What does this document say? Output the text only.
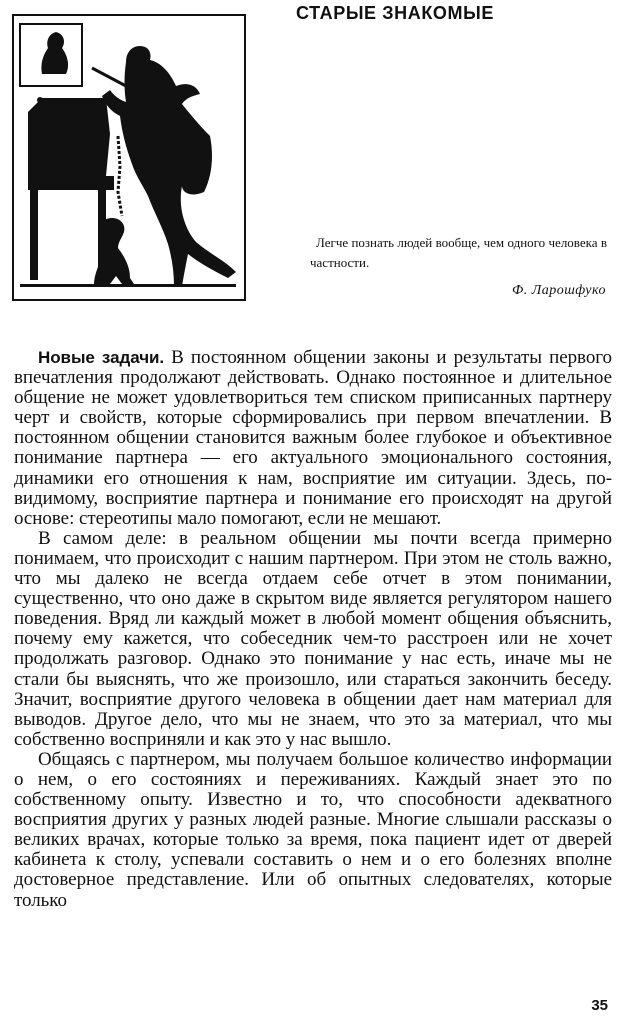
СТАРЫЕ ЗНАКОМЫЕ
Легче познать людей вообще, чем одного человека в частности.
Ф. Ларошфуко

Новые задачи. В постоянном общении законы и результаты первого впечатления продолжают действовать. Однако постоянное и длительное общение не может удовлетвориться тем списком приписанных партнеру черт и свойств, которые сформировались при первом впечатлении. В постоянном общении становится важным более глубокое и объективное понимание партнера — его актуального эмоционального состояния, динамики его отношения к нам, восприятие им ситуации. Здесь, по-видимому, восприятие партнера и понимание его происходят на другой основе: стереотипы мало помогают, если не мешают.

В самом деле: в реальном общении мы почти всегда примерно понимаем, что происходит с нашим партнером. При этом не столь важно, что мы далеко не всегда отдаем себе отчет в этом понимании, существенно, что оно даже в скрытом виде является регулятором нашего поведения. Вряд ли каждый может в любой момент общения объяснить, почему ему кажется, что собеседник чем-то расстроен или не хочет продолжать разговор. Однако это понимание у нас есть, иначе мы не стали бы выяснять, что же произошло, или стараться закончить беседу. Значит, восприятие другого человека в общении дает нам материал для выводов. Другое дело, что мы не знаем, что это за материал, что мы собственно восприняли и как это у нас вышло.

Общаясь с партнером, мы получаем большое количество информации о нем, о его состояниях и переживаниях. Каждый знает это по собственному опыту. Известно и то, что способности адекватного восприятия других у разных людей разные. Многие слышали рассказы о великих врачах, которые только за время, пока пациент идет от дверей кабинета к столу, успевали составить о нем и о его болезнях вполне достоверное представление. Или об опытных следователях, которые только

35
